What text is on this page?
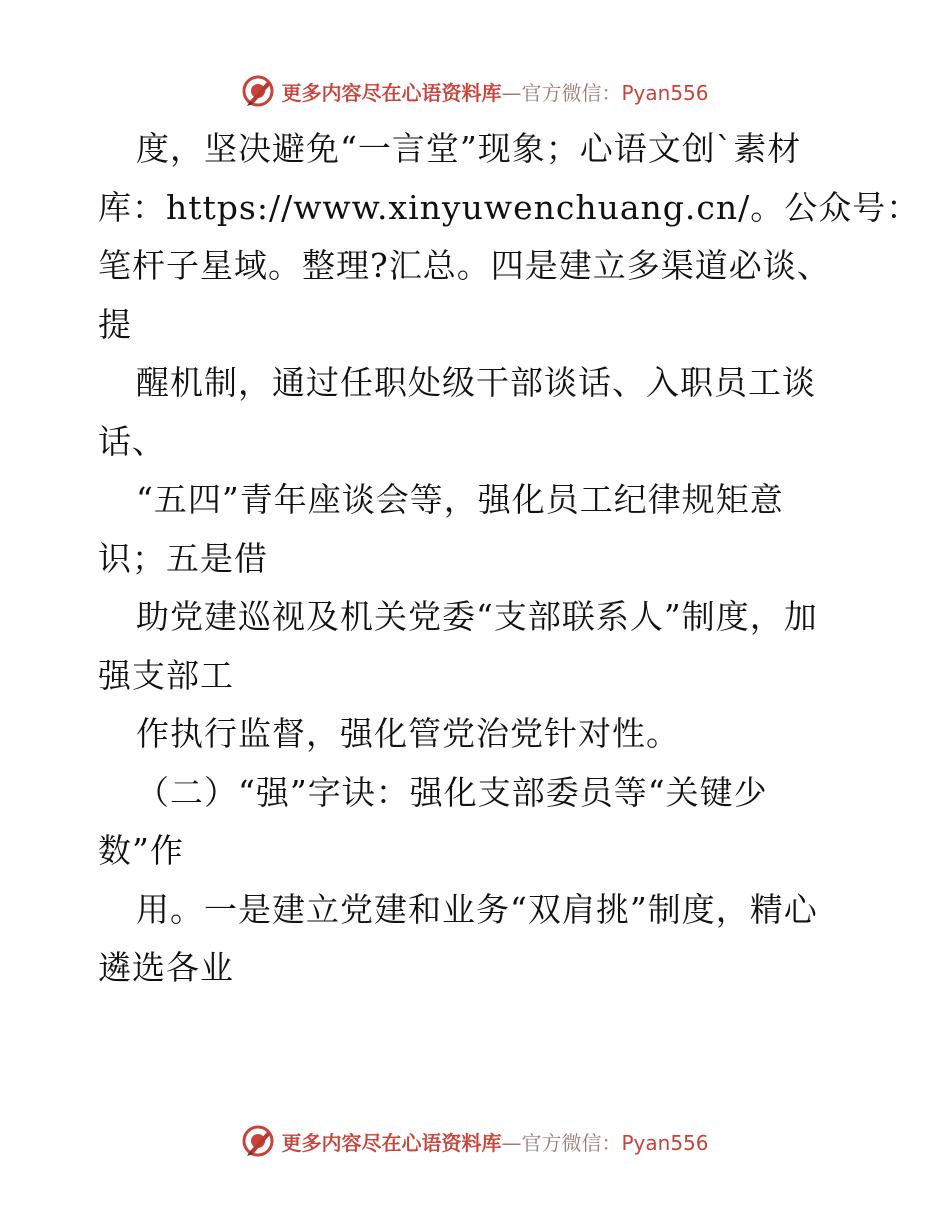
更多内容尽在心语资料库—官方微信：Pyan556
度，坚决避免“一言堂”现象；心语文创`素材
库：https://www.xinyuwenchuang.cn/。公众号：
笔杆子星域。整理?汇总。四是建立多渠道必谈、
提
醒机制，通过任职处级干部谈话、入职员工谈
话、
“五四”青年座谈会等，强化员工纪律规矩意
识；五是借
助党建巡视及机关党委“支部联系人”制度，加
强支部工
作执行监督，强化管党治党针对性。
（二）“强”字诀：强化支部委员等“关键少
数”作
用。一是建立党建和业务“双肩挑”制度，精心
遴选各业
更多内容尽在心语资料库—官方微信：Pyan556
